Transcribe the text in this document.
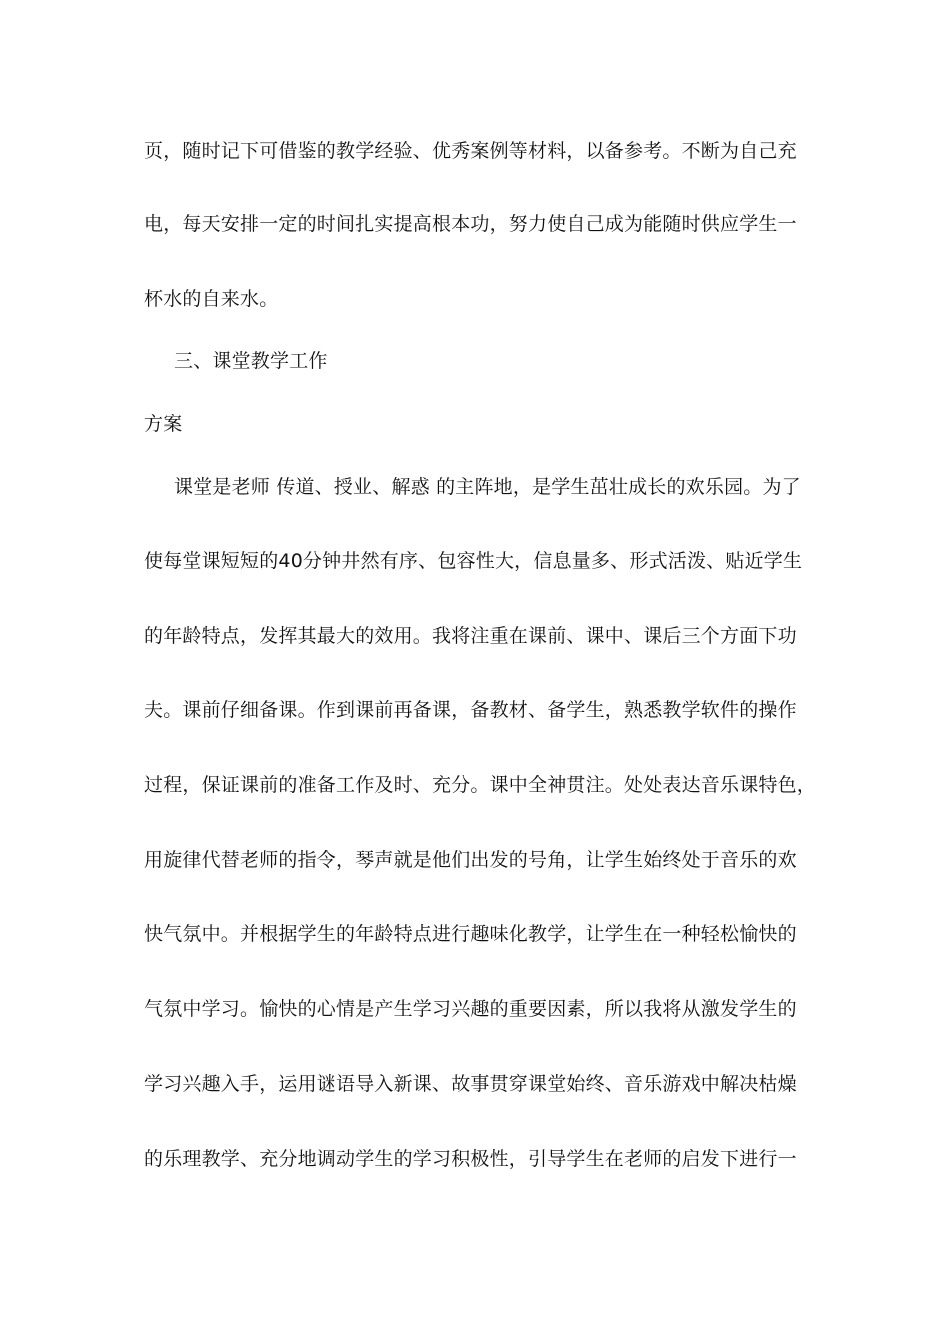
页，随时记下可借鉴的教学经验、优秀案例等材料，以备参考。不断为自己充
电，每天安排一定的时间扎实提高根本功，努力使自己成为能随时供应学生一
杯水的自来水。
三、课堂教学工作
方案
课堂是老师 传道、授业、解惑 的主阵地，是学生茁壮成长的欢乐园。为了
使每堂课短短的40分钟井然有序、包容性大，信息量多、形式活泼、贴近学生
的年龄特点，发挥其最大的效用。我将注重在课前、课中、课后三个方面下功
夫。课前仔细备课。作到课前再备课，备教材、备学生，熟悉教学软件的操作
过程，保证课前的准备工作及时、充分。课中全神贯注。处处表达音乐课特色，
用旋律代替老师的指令，琴声就是他们出发的号角，让学生始终处于音乐的欢
快气氛中。并根据学生的年龄特点进行趣味化教学，让学生在一种轻松愉快的
气氛中学习。愉快的心情是产生学习兴趣的重要因素，所以我将从激发学生的
学习兴趣入手，运用谜语导入新课、故事贯穿课堂始终、音乐游戏中解决枯燥
的乐理教学、充分地调动学生的学习积极性，引导学生在老师的启发下进行一
